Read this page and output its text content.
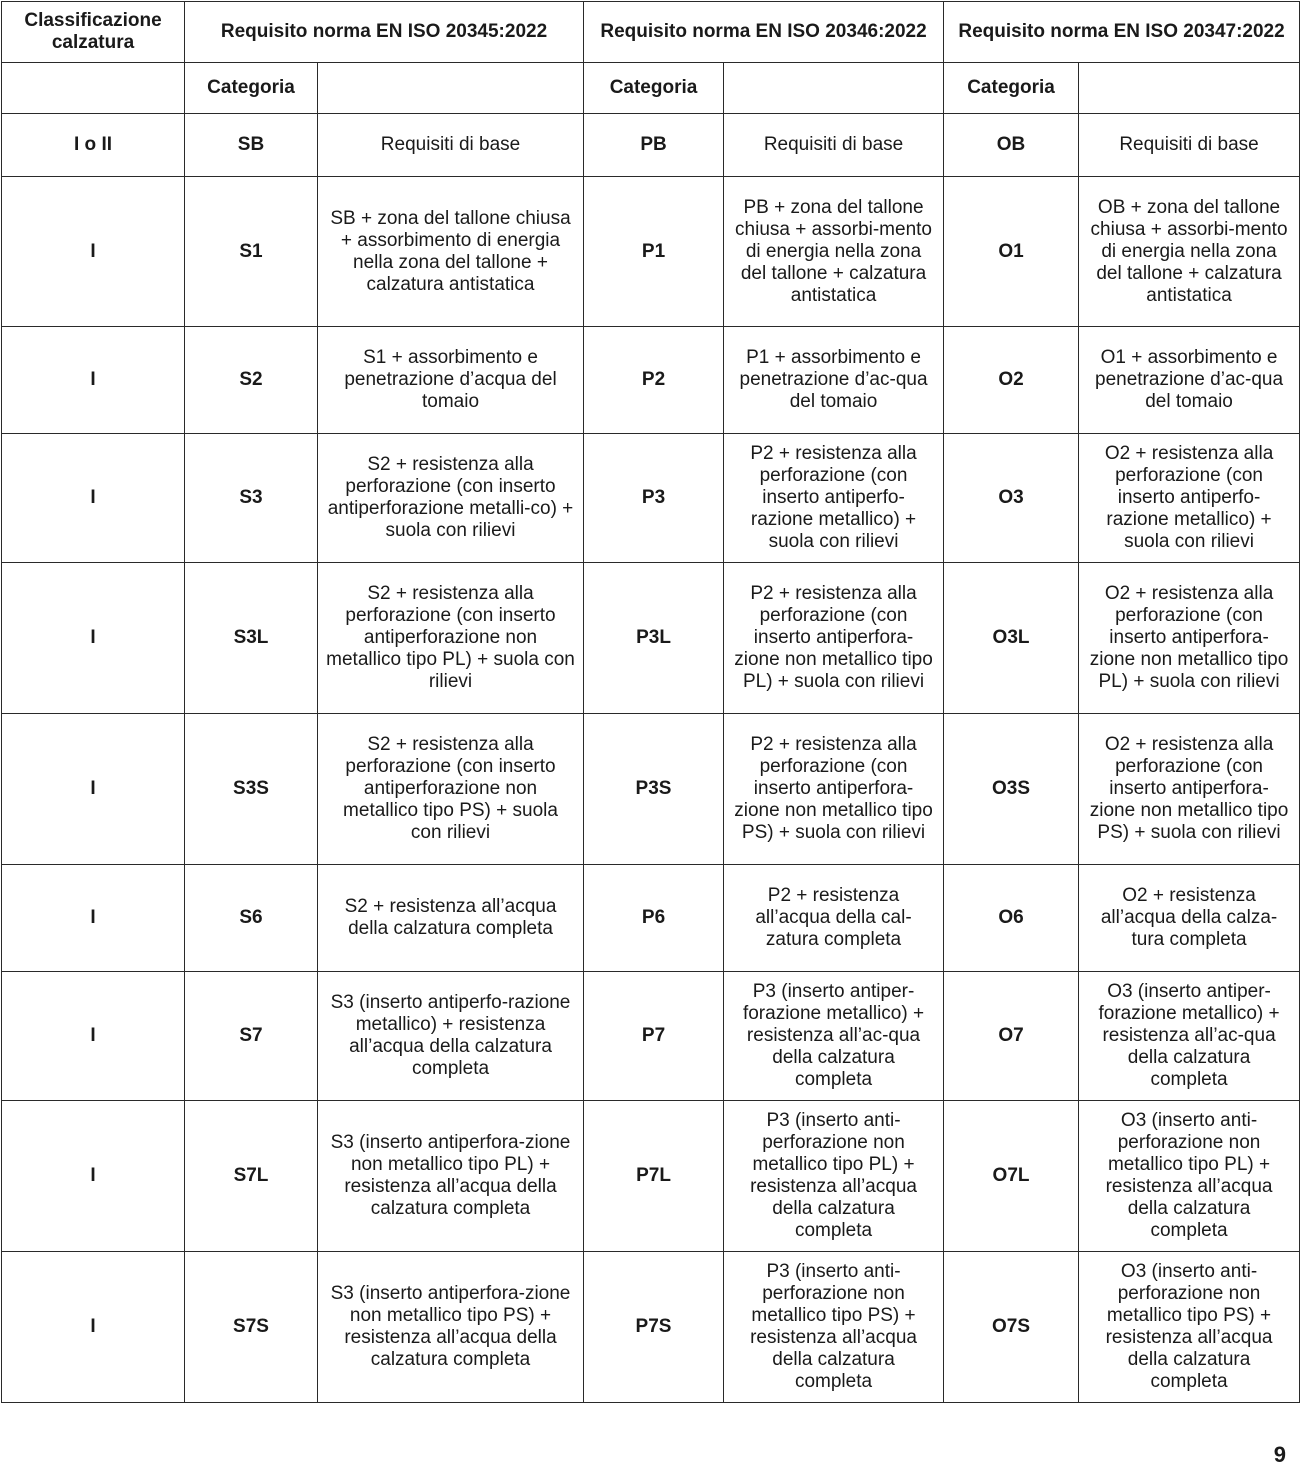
Classificazione calzatura	Requisito norma EN ISO 20345:2022		Requisito norma EN ISO 20346:2022		Requisito norma EN ISO 20347:2022	
	Categoria		Categoria		Categoria	
I o II	SB	Requisiti di base	PB	Requisiti di base	OB	Requisiti di base
I	S1	SB + zona del tallone chiusa + assorbimento di energia nella zona del tallone + calzatura antistatica	P1	PB + zona del tallone chiusa + assorbi-mento di energia nella zona del tallone + calzatura antistatica	O1	OB + zona del tallone chiusa + assorbi-mento di energia nella zona del tallone + calzatura antistatica
I	S2	S1 + assorbimento e penetrazione d’acqua del tomaio	P2	P1 + assorbimento e penetrazione d’ac-qua del tomaio	O2	O1 + assorbimento e penetrazione d’ac-qua del tomaio
I	S3	S2 + resistenza alla perforazione (con inserto antiperforazione metalli-co) + suola con rilievi	P3	P2 + resistenza alla perforazione (con inserto antiperfo-razione metallico) + suola con rilievi	O3	O2 + resistenza alla perforazione (con inserto antiperfo-razione metallico) + suola con rilievi
I	S3L	S2 + resistenza alla perforazione (con inserto antiperforazione non metallico tipo PL) + suola con rilievi	P3L	P2 + resistenza alla perforazione (con inserto antiperfora-zione non metallico tipo PL) + suola con rilievi	O3L	O2 + resistenza alla perforazione (con inserto antiperfora-zione non metallico tipo PL) + suola con rilievi
I	S3S	S2 + resistenza alla perforazione (con inserto antiperforazione non metallico tipo PS) + suola con rilievi	P3S	P2 + resistenza alla perforazione (con inserto antiperfora-zione non metallico tipo PS) + suola con rilievi	O3S	O2 + resistenza alla perforazione (con inserto antiperfora-zione non metallico tipo PS) + suola con rilievi
I	S6	S2 + resistenza all’acqua della calzatura completa	P6	P2 + resistenza all’acqua della cal-zatura completa	O6	O2 + resistenza all’acqua della calza-tura completa
I	S7	S3 (inserto antiperfo-razione metallico) + resistenza all’acqua della calzatura completa	P7	P3 (inserto antiper-forazione metallico) + resistenza all’ac-qua della calzatura completa	O7	O3 (inserto antiper-forazione metallico) + resistenza all’ac-qua della calzatura completa
I	S7L	S3 (inserto antiperfora-zione non metallico tipo PL) + resistenza all’acqua della calzatura completa	P7L	P3 (inserto anti-perforazione non metallico tipo PL) + resistenza all’acqua della calzatura completa	O7L	O3 (inserto anti-perforazione non metallico tipo PL) + resistenza all’acqua della calzatura completa
I	S7S	S3 (inserto antiperfora-zione non metallico tipo PS) + resistenza all’acqua della calzatura completa	P7S	P3 (inserto anti-perforazione non metallico tipo PS) + resistenza all’acqua della calzatura completa	O7S	O3 (inserto anti-perforazione non metallico tipo PS) + resistenza all’acqua della calzatura completa
9
